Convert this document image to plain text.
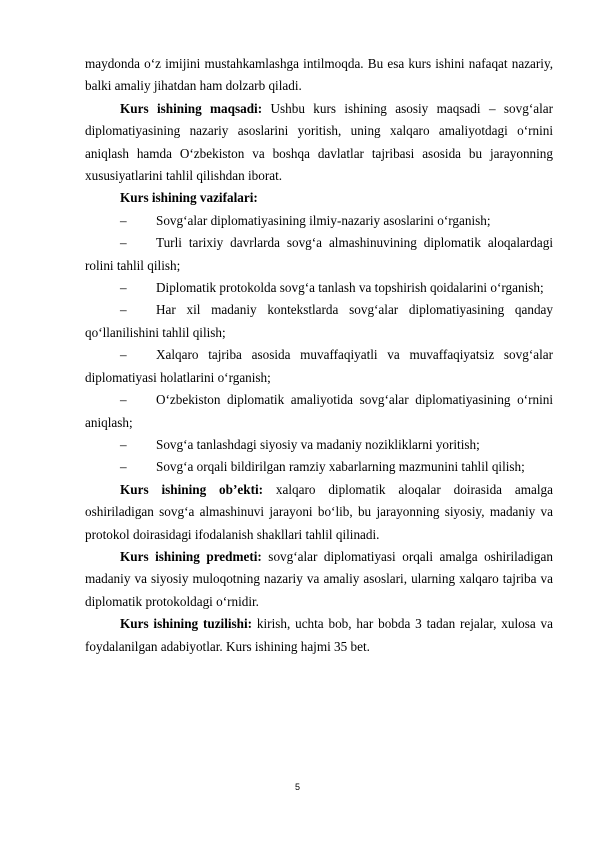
maydonda o‘z imijini mustahkamlashga intilmoqda. Bu esa kurs ishini nafaqat nazariy, balki amaliy jihatdan ham dolzarb qiladi.

Kurs ishining maqsadi: Ushbu kurs ishining asosiy maqsadi – sovg‘alar diplomatiyasining nazariy asoslarini yoritish, uning xalqaro amaliyotdagi o‘rnini aniqlash hamda O‘zbekiston va boshqa davlatlar tajribasi asosida bu jarayonning xususiyatlarini tahlil qilishdan iborat.

Kurs ishining vazifalari:

– Sovg‘alar diplomatiyasining ilmiy-nazariy asoslarini o‘rganish;

– Turli tarixiy davrlarda sovg‘a almashinuvining diplomatik aloqalardagi rolini tahlil qilish;

– Diplomatik protokolda sovg‘a tanlash va topshirish qoidalarini o‘rganish;

– Har xil madaniy kontekstlarda sovg‘alar diplomatiyasining qanday qo‘llanilishini tahlil qilish;

– Xalqaro tajriba asosida muvaffaqiyatli va muvaffaqiyatsiz sovg‘alar diplomatiyasi holatlarini o‘rganish;

– O‘zbekiston diplomatik amaliyotida sovg‘alar diplomatiyasining o‘rnini aniqlash;

– Sovg‘a tanlashdagi siyosiy va madaniy nozikliklarni yoritish;

– Sovg‘a orqali bildirilgan ramziy xabarlarning mazmunini tahlil qilish;

Kurs ishining ob’ekti: xalqaro diplomatik aloqalar doirasida amalga oshiriladigan sovg‘a almashinuvi jarayoni bo‘lib, bu jarayonning siyosiy, madaniy va protokol doirasidagi ifodalanish shakllari tahlil qilinadi.

Kurs ishining predmeti: sovg‘alar diplomatiyasi orqali amalga oshiriladigan madaniy va siyosiy muloqotning nazariy va amaliy asoslari, ularning xalqaro tajriba va diplomatik protokoldagi o‘rnidir.

Kurs ishining tuzilishi: kirish, uchta bob, har bobda 3 tadan rejalar, xulosa va foydalanilgan adabiyotlar. Kurs ishining hajmi 35 bet.

5
